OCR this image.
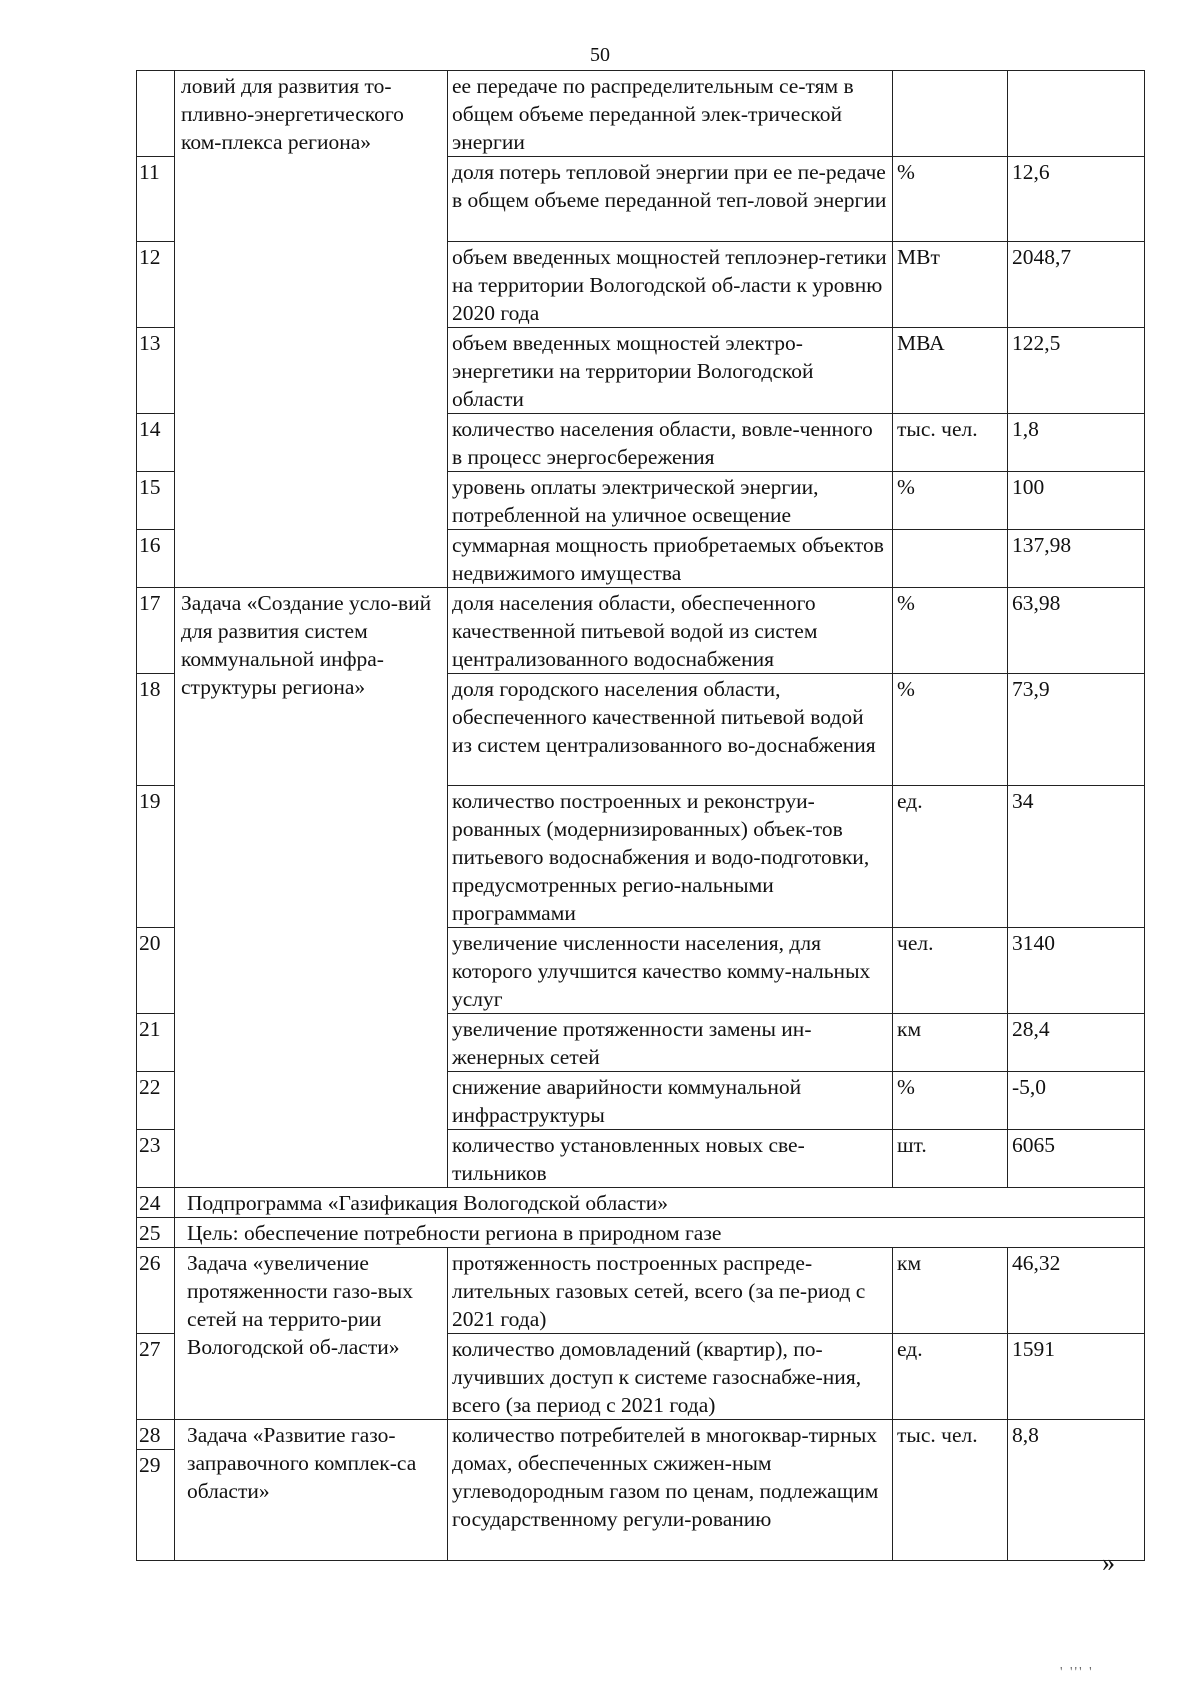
50
	ловий для развития то-пливно-энергетического ком-плекса региона»	ее передаче по распределительным се-тям в общем объеме переданной элек-трической энергии		
11		доля потерь тепловой энергии при ее пе-редаче в общем объеме переданной теп-ловой энергии	%	12,6
12		объем введенных мощностей теплоэнер-гетики на территории Вологодской об-ласти к уровню 2020 года	МВт	2048,7
13		объем введенных мощностей электро-энергетики на территории Вологодской области	МВА	122,5
14		количество населения области, вовле-ченного в процесс энергосбережения	тыс. чел.	1,8
15		уровень оплаты электрической энергии, потребленной на уличное освещение	%	100
16		суммарная мощность приобретаемых объектов недвижимого имущества		137,98
17	Задача «Создание усло-вий для развития систем коммунальной инфра-структуры региона»	доля населения области, обеспеченного качественной питьевой водой из систем централизованного водоснабжения	%	63,98
18		доля городского населения области, обеспеченного качественной питьевой водой из систем централизованного во-доснабжения	%	73,9
19		количество построенных и реконструи-рованных (модернизированных) объек-тов питьевого водоснабжения и водо-подготовки, предусмотренных регио-нальными программами	ед.	34
20		увеличение численности населения, для которого улучшится качество комму-нальных услуг	чел.	3140
21		увеличение протяженности замены ин-женерных сетей	км	28,4
22		снижение аварийности коммунальной инфраструктуры	%	-5,0
23		количество установленных новых све-тильников	шт.	6065
24	Подпрограмма «Газификация Вологодской области»			
25	Цель: обеспечение потребности региона в природном газе			
26	Задача «увеличение протяженности газо-вых сетей на террито-рии Вологодской об-ласти»	протяженность построенных распреде-лительных газовых сетей, всего (за пе-риод с 2021 года)	км	46,32
27		количество домовладений (квартир), по-лучивших доступ к системе газоснабже-ния, всего (за период с 2021 года)	ед.	1591
28	Задача «Развитие газо-заправочного комплек-са области»	количество потребителей в многоквар-тирных домах, обеспеченных сжижен-ным углеводородным газом по ценам, подлежащим государственному регули-рованию	тыс. чел.	8,8
29				
»
' ''' '
